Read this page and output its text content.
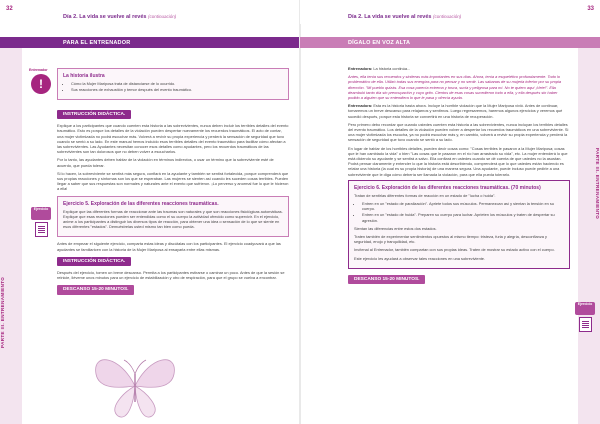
32
Día 2. La vida se vuelve al revés (continuación)
PARA EL ENTRENADOR
PARTE III. ENTRENAMIENTO
!
Entrenador
La historia ilustra
• Cómo la Mujer Mariposa trata de distanciarse de lo ocurrido.
• Sus reacciones de exhaustión y temor después del evento traumático.
INSTRUCCIÓN DIDÁCTICA.

Explique a los participantes que cuando cuenten esta historia a las sobrevivientes, nunca deben incluir los terribles detalles del evento traumático. Esto es porque los detalles de la violación pueden despertar nuevamente los recuerdos traumáticos. El acto de contar, una mujer victimizada no podrá escuchar más. Volverá a revivir su propia experiencia y perderá la sensación de seguridad que tuvo cuando se sentó a su lado. En este manual hemos incluido esos terribles detalles del evento traumático para facilitar cómo afectan a las sobrevivientes. Las Ayudantes necesitan conocer esos detalles como ayudantes, pero los recuerdos traumáticos de las sobrevivientes son tan dolorosos que no deben volver a escucharlos.

Por lo tanto, las ayudantes deben hablar de la violación en términos indirectos, o usar un término que la sobreviviente esté de acuerdo, que pueda tolerar.

Si lo hacen, la sobreviviente se sentirá más segura, confiará en la ayudante y también se sentirá fortalecida, porque comprenderá que sus propias reacciones y síntomas son los que se esperaban. Las mujeres se sienten así cuando les suceden cosas terribles. Pueden llegar a saber que sus respuestas son normales y naturales ante el evento que sufrieron. ¡Lo perverso y anormal fue lo que le hicieron a ella!

Ejercicio 5. Exploración de las diferentes reacciones traumáticas.

Explique que las diferentes formas de reaccionar ante las traumas son naturales y que son reacciones fisiológicas automáticas. Explique que esas reacciones pueden ser entendidas como el su cuerpo la actividad ofrecido como supervivir. En el ejercicio, anime a los participantes a distinguir los diversos tipos de reacción, para obtener una idea o sensación de lo que se siente en esos diferentes "estados". Demuéstrelas usted mismo tan bien como pueda.

Antes de empezar el siguiente ejercicio, comparta estas ideas y discútalas con los participantes. El ejercicio coadyuvará a que las ayudantes se familiaricen con la historia de la Mujer Mariposa al ensayarla entre ellas mismas.

INSTRUCCIÓN DIDÁCTICA.

Después del ejercicio, tomen un breve descanso. Permita a los participantes estirarse o caminar un poco. Antes de que la sesión se reinicie, lléveme unos minutos para un ejercicio de estabilización y otro de respiración, para que el grupo se vuelva a encontrar.

DESCANSO 15-20 MINUTOS.
Ejercicio
33
Día 2. La vida se vuelve al revés (continuación)
DÍGALO EN VOZ ALTA
PARTE III. ENTRENAMIENTO

Entrenadora: La historia continúa...

Antes, ella tenía sus recuerdos y sintieras más importantes en sus días. Ahora, tenía a esquelético profundamente. Todo lo problemático de ella. Utilizó todas sus energías para no pensar y no sentir. Las sabanas de su mujerla inferior por su propia dirección. "Mi pueblo quizás. Esa cosa parecía extrema y tosca, sucia y peligrosa para mí. No te quiero aquí ¡Vete!". Ella deambuló tanto día sin preocupación y cuyo grito. Cientos de esas cosas sucedieron todo a ella, y ella después sin haber podido a alguien que su entendiera lo que le pasa y ofrecía ayuda.

Entrenadora: Esta es la historia hasta ahora. Incluye la horrible violación que la Mujer Mariposa vivió. Antes de continuar, tomaremos un breve descanso para relajarnos y sentirnos. Luego regresaremos, haremos algunos ejercicios y veremos qué sucedió después, porque esta historia se convertirá en una historia de recuperación.

Pero primero debo recordar que cuando ustedes cuenten esta historia a las sobrevivientes, nunca incluyan los terribles detalles del evento traumático. Los detalles de la violación pueden volver a despertar los recuerdos traumáticos en una sobreviviente. Si una mujer victimizada los escucha, ya no podrá escuchar más y, en cambio, volverá a revivir su propia experiencia y perderá la sensación de seguridad que tuvo cuando se sentó a su lado.

En lugar de hablar de los horribles detalles, pueden decir cosas como: "Cosas terribles le pasaron a la Mujer Mariposa; cosas que le han cambiado la vida" o bien "Las cosas que le pasaron en el río han arrastrado su vida", etc. La mujer entenderá lo que está diciendo su ayudante y se sentirá a salvo. Ella confiará en ustedes cuando se dé cuenta de que ustedes no la asustan. Podrá pensar claramente y entender lo que la historia está describiendo, comprenderá que lo que ustedes están haciendo es relatar una historia (la cual es su propia historia) de una manera segura. Una ayudante, puede incluso puede pedirle a una sobreviviente que le diga cómo debería ser llamada la violación, para que ella pueda tolerarlo.

Ejercicio 6. Exploración de las diferentes reacciones traumáticas. (70 minutos)

Tratan de sentirlas diferentes formas de reacción en un estado de "lucha o huida".

• Entren en un "estado de paralización". Apriete todos sus músculos. Permanezcan así y sientan la tensión en su cuerpo.
• Entren en un "estado de huida". Preparen su cuerpo para luchar. Aprieten los músculos y traten de despertar su agresión.

Sientan las diferencias entre estos dos estados.

Traten también de experimentar sentimientos opuestos al mismo tiempo: tristeza, furia y alegría, desconfianza y seguridad, enojo y tranquilidad, etc.

Invítenal al Entrenador, también compartan con sus propias ideas. Traten de mostrar su estado activo con el cuerpo.

Este ejercicio les ayudará a observar tales reacciones en una sobreviviente.

DESCANSO 15-20 MINUTOS.
Ejercicio
